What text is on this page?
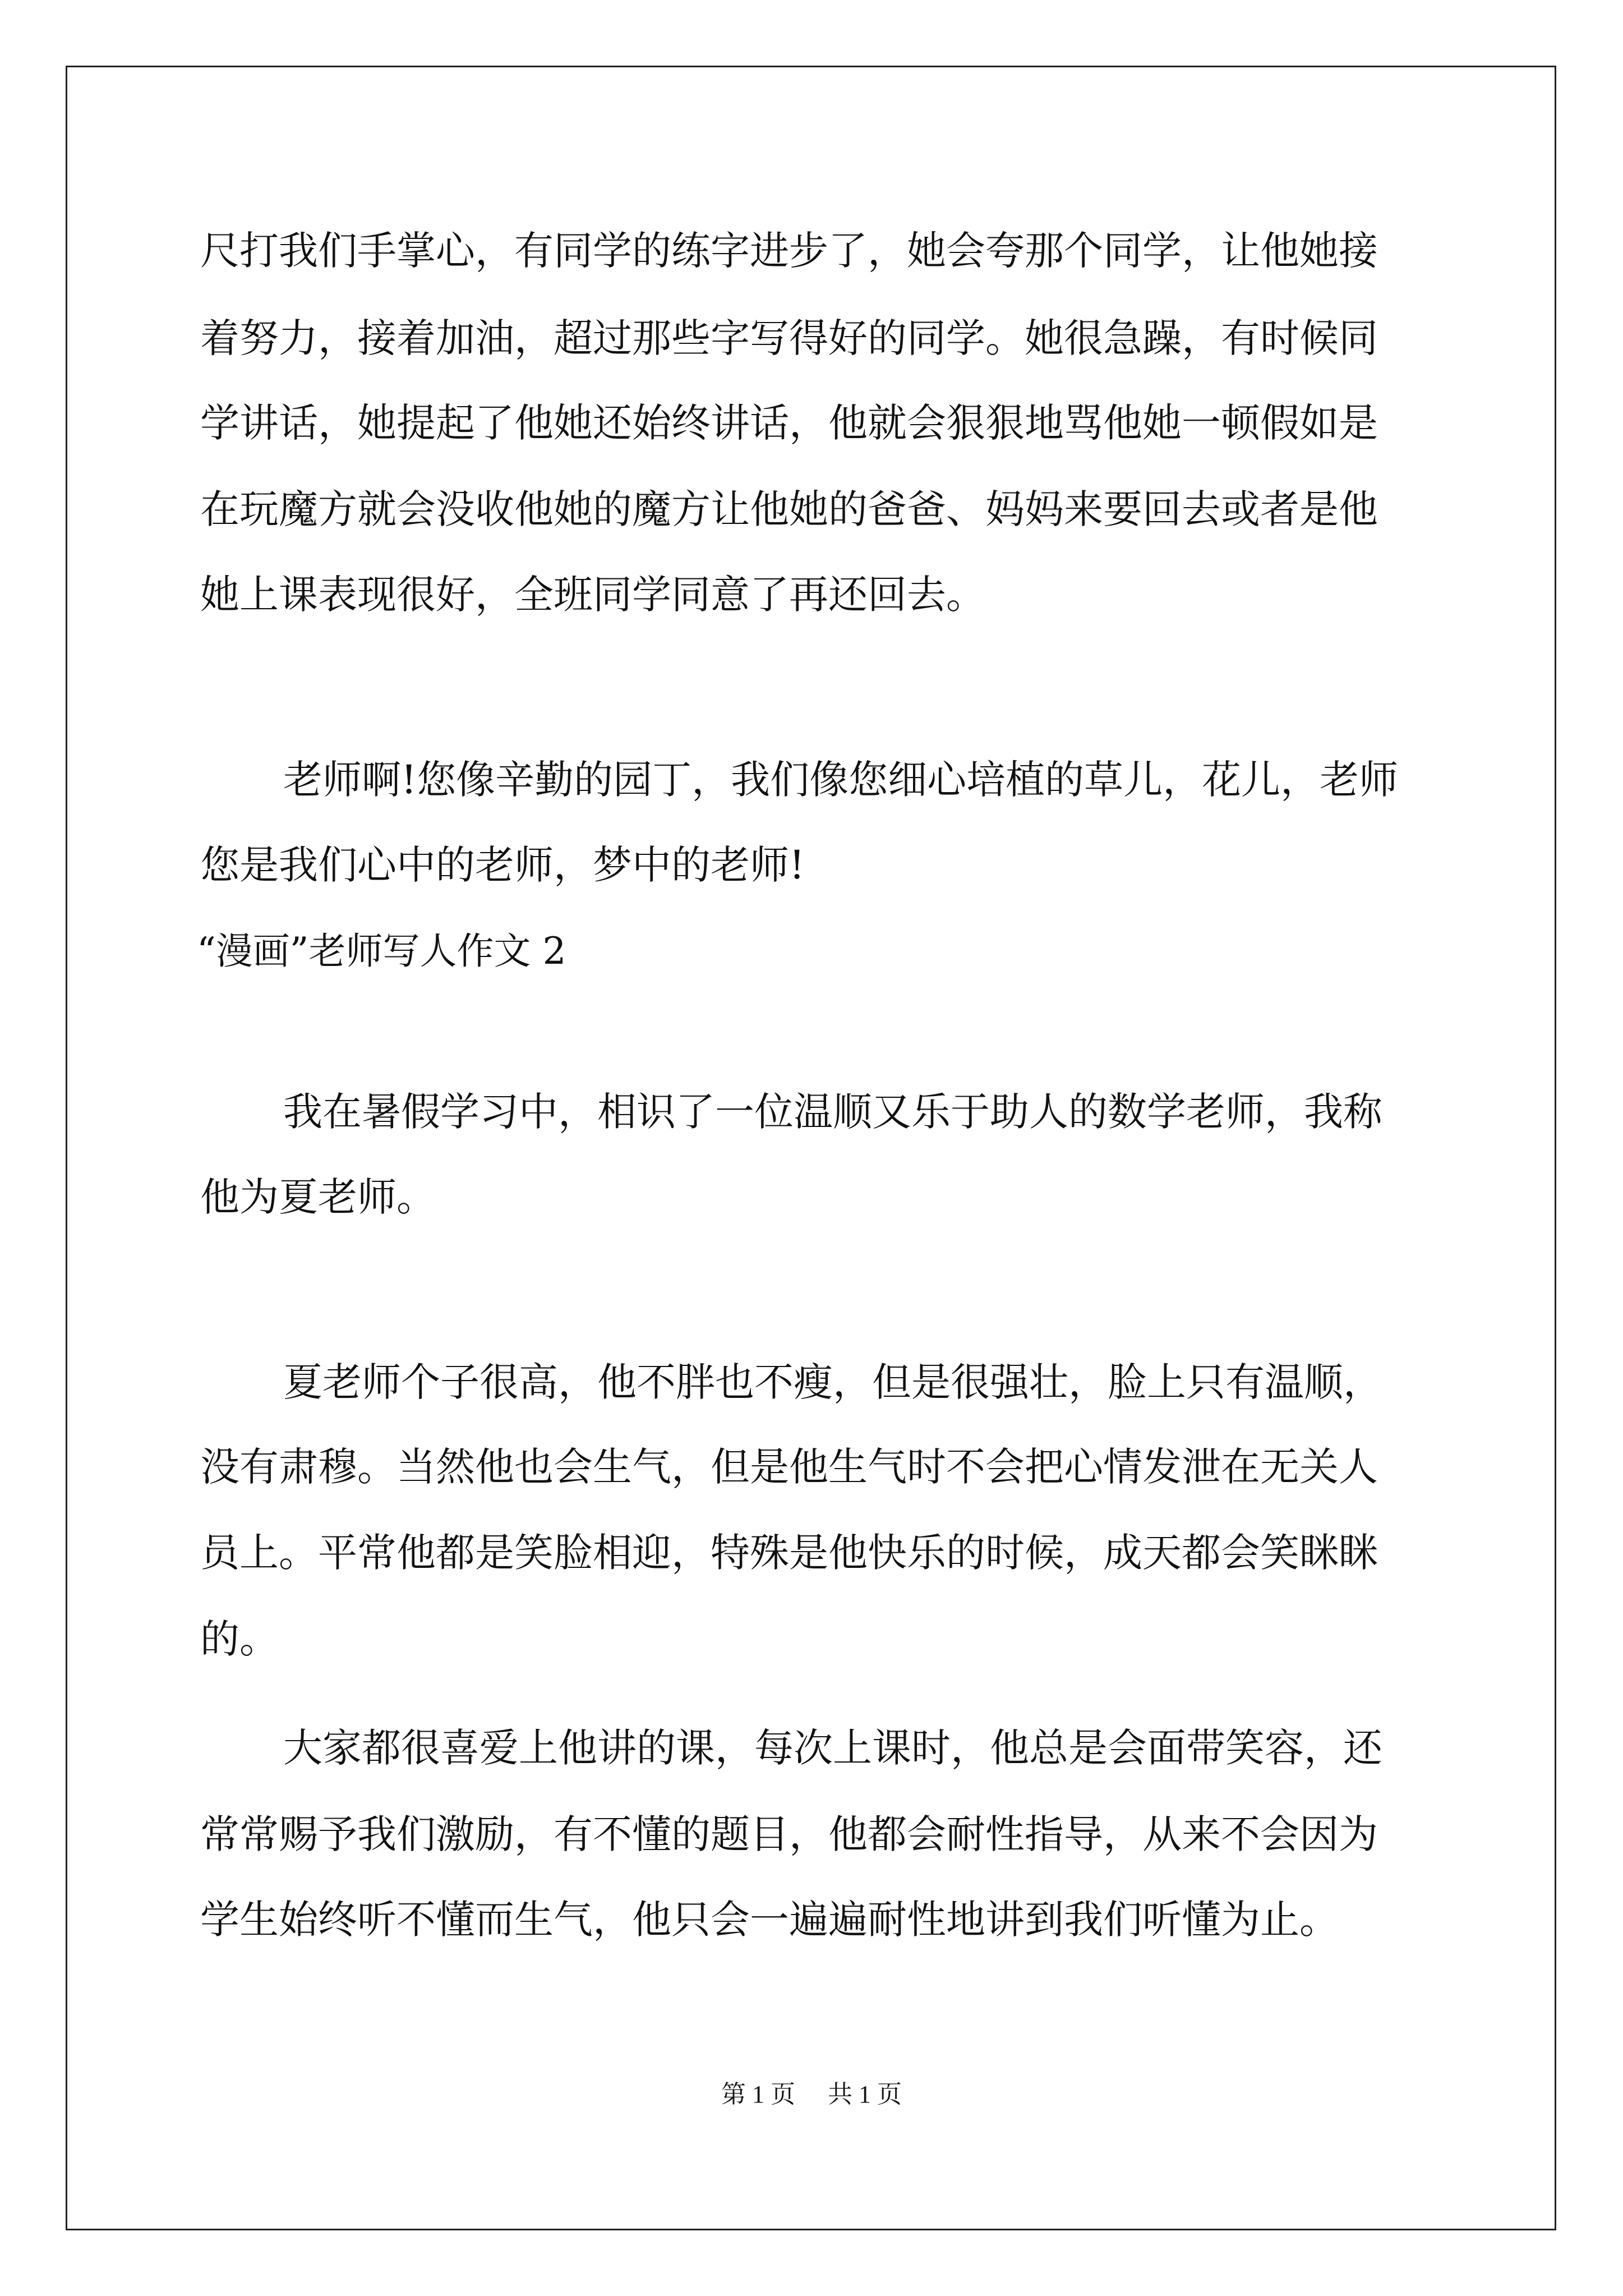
尺打我们手掌心，有同学的练字进步了，她会夸那个同学，让他她接
着努力，接着加油，超过那些字写得好的同学。她很急躁，有时候同
学讲话，她提起了他她还始终讲话，他就会狠狠地骂他她一顿假如是
在玩魔方就会没收他她的魔方让他她的爸爸、妈妈来要回去或者是他
她上课表现很好，全班同学同意了再还回去。
老师啊!您像辛勤的园丁，我们像您细心培植的草儿，花儿，老师
您是我们心中的老师，梦中的老师!
“漫画”老师写人作文 2
我在暑假学习中，相识了一位温顺又乐于助人的数学老师，我称
他为夏老师。
夏老师个子很高，他不胖也不瘦，但是很强壮，脸上只有温顺，
没有肃穆。当然他也会生气，但是他生气时不会把心情发泄在无关人
员上。平常他都是笑脸相迎，特殊是他快乐的时候，成天都会笑眯眯
的。
大家都很喜爱上他讲的课，每次上课时，他总是会面带笑容，还
常常赐予我们激励，有不懂的题目，他都会耐性指导，从来不会因为
学生始终听不懂而生气，他只会一遍遍耐性地讲到我们听懂为止。
第 1 页 共 1 页
